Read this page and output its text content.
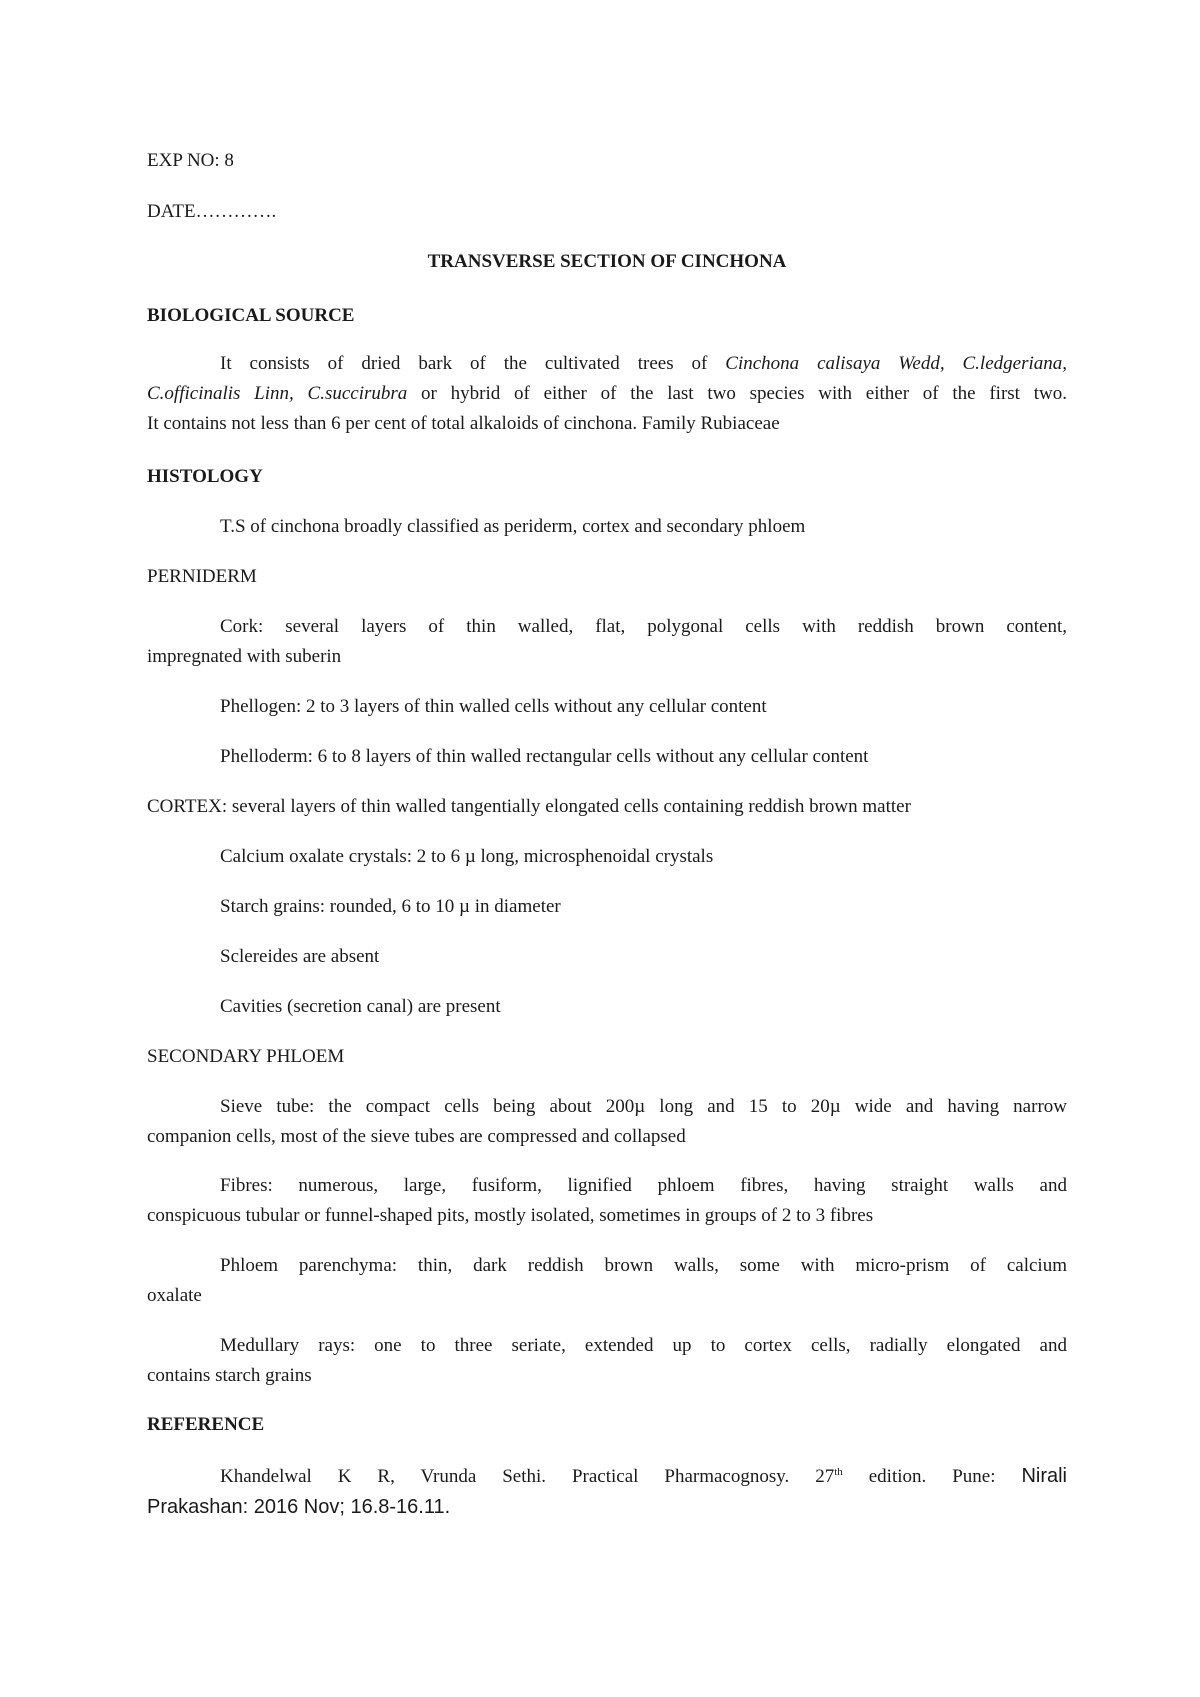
EXP NO: 8
DATE………….
TRANSVERSE SECTION OF CINCHONA
BIOLOGICAL SOURCE
It consists of dried bark of the cultivated trees of Cinchona calisaya Wedd, C.ledgeriana,
C.officinalis Linn, C.succirubra or hybrid of either of the last two species with either of the first two.
It contains not less than 6 per cent of total alkaloids of cinchona. Family Rubiaceae
HISTOLOGY
T.S of cinchona broadly classified as periderm, cortex and secondary phloem
PERNIDERM
Cork: several layers of thin walled, flat, polygonal cells with reddish brown content,
impregnated with suberin
Phellogen: 2 to 3 layers of thin walled cells without any cellular content
Phelloderm: 6 to 8 layers of thin walled rectangular cells without any cellular content
CORTEX: several layers of thin walled tangentially elongated cells containing reddish brown matter
Calcium oxalate crystals: 2 to 6 µ long, microsphenoidal crystals
Starch grains: rounded, 6 to 10 µ in diameter
Sclereides are absent
Cavities (secretion canal) are present
SECONDARY PHLOEM
Sieve tube: the compact cells being about 200µ long and 15 to 20µ wide and having narrow
companion cells, most of the sieve tubes are compressed and collapsed
Fibres: numerous, large, fusiform, lignified phloem fibres, having straight walls and
conspicuous tubular or funnel-shaped pits, mostly isolated, sometimes in groups of 2 to 3 fibres
Phloem parenchyma: thin, dark reddish brown walls, some with micro-prism of calcium
oxalate
Medullary rays: one to three seriate, extended up to cortex cells, radially elongated and
contains starch grains
REFERENCE
Khandelwal K R, Vrunda Sethi. Practical Pharmacognosy. 27th edition. Pune: Nirali
Prakashan: 2016 Nov; 16.8-16.11.
